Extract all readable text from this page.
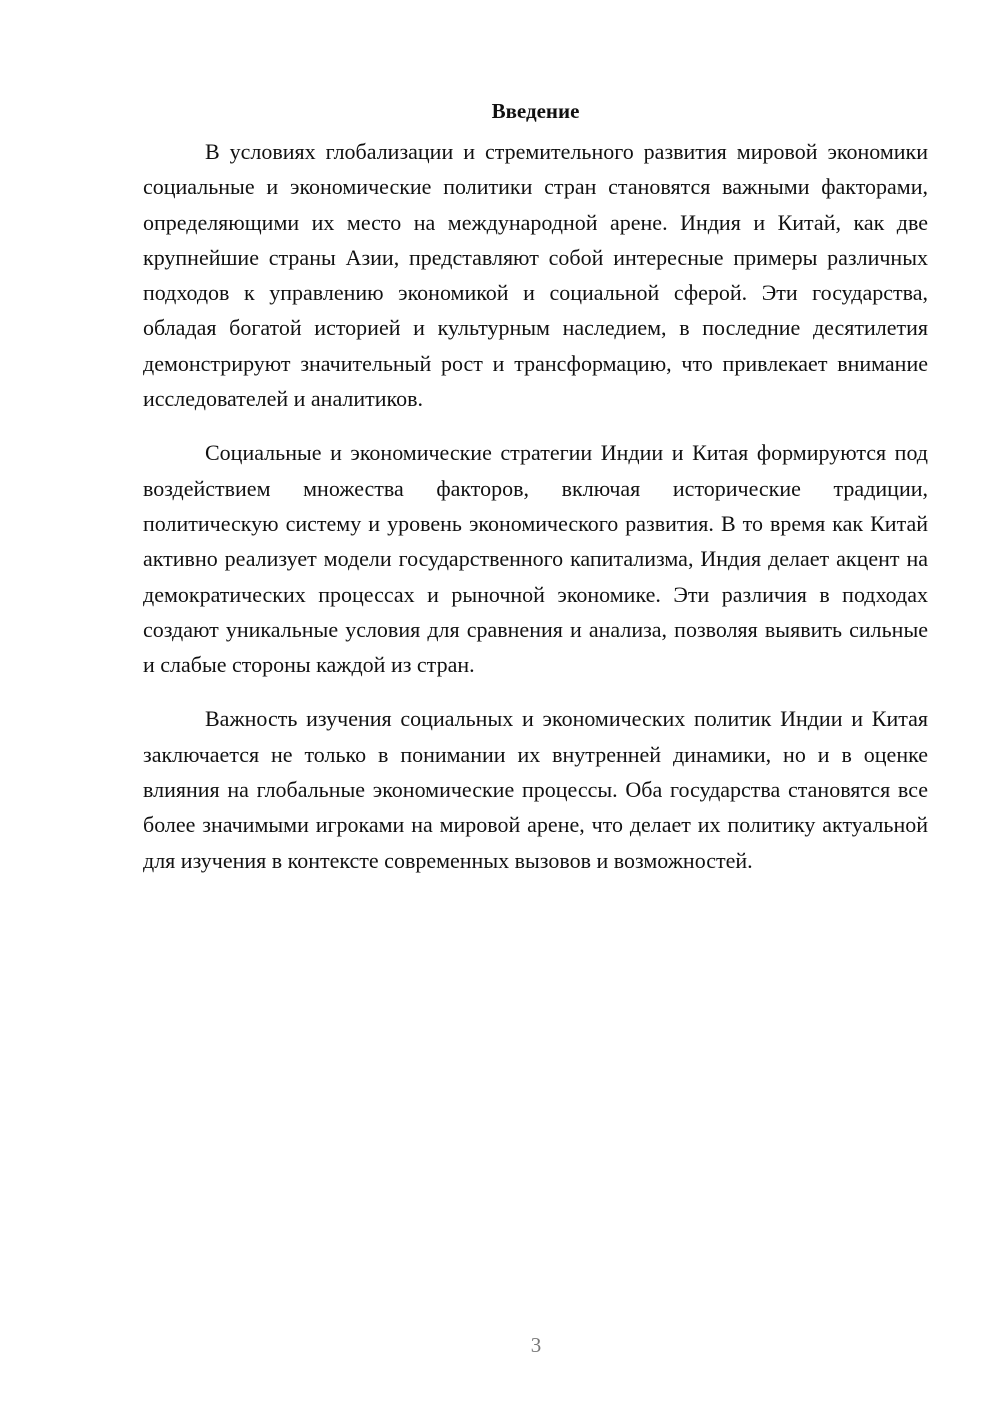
Введение

В условиях глобализации и стремительного развития мировой экономики социальные и экономические политики стран становятся важными факторами, определяющими их место на международной арене. Индия и Китай, как две крупнейшие страны Азии, представляют собой интересные примеры различных подходов к управлению экономикой и социальной сферой. Эти государства, обладая богатой историей и культурным наследием, в последние десятилетия демонстрируют значительный рост и трансформацию, что привлекает внимание исследователей и аналитиков.

Социальные и экономические стратегии Индии и Китая формируются под воздействием множества факторов, включая исторические традиции, политическую систему и уровень экономического развития. В то время как Китай активно реализует модели государственного капитализма, Индия делает акцент на демократических процессах и рыночной экономике. Эти различия в подходах создают уникальные условия для сравнения и анализа, позволяя выявить сильные и слабые стороны каждой из стран.

Важность изучения социальных и экономических политик Индии и Китая заключается не только в понимании их внутренней динамики, но и в оценке влияния на глобальные экономические процессы. Оба государства становятся все более значимыми игроками на мировой арене, что делает их политику актуальной для изучения в контексте современных вызовов и возможностей.

3
